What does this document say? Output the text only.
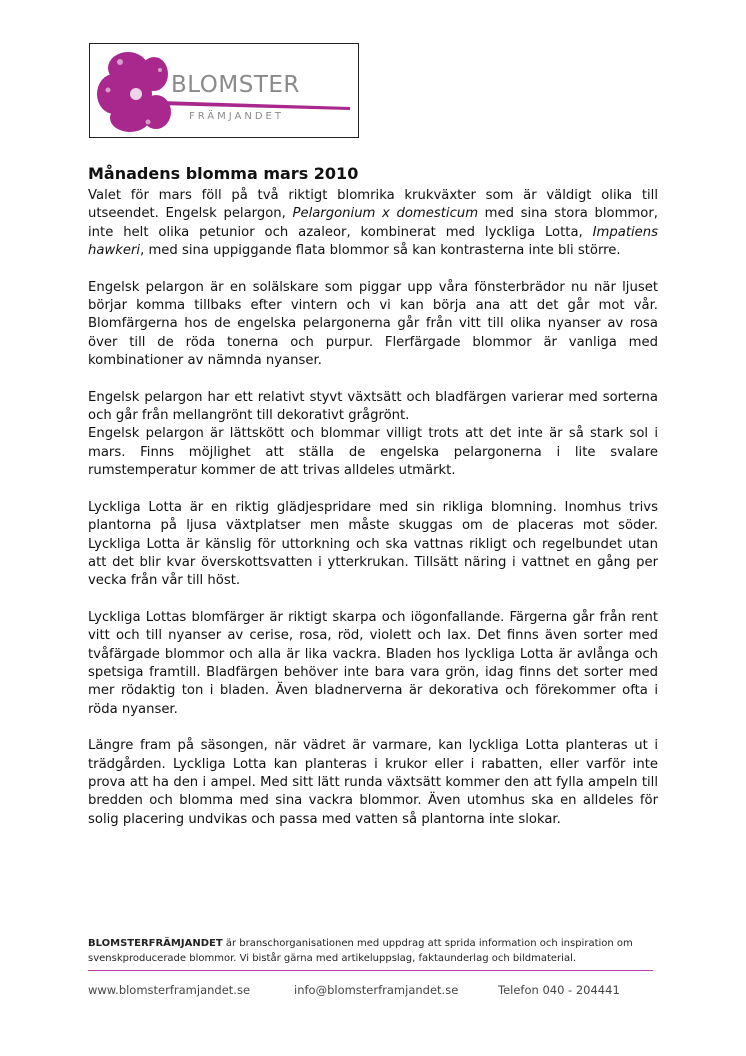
BLOMSTER
FRÄMJANDET
Månadens blomma mars 2010

Valet för mars föll på två riktigt blomrika krukväxter som är väldigt olika till utseendet. Engelsk pelargon, Pelargonium x domesticum med sina stora blommor, inte helt olika petunior och azaleor, kombinerat med lyckliga Lotta, Impatiens hawkeri, med sina uppiggande flata blommor så kan kontrasterna inte bli större.

Engelsk pelargon är en solälskare som piggar upp våra fönsterbrädor nu när ljuset börjar komma tillbaks efter vintern och vi kan börja ana att det går mot vår. Blomfärgerna hos de engelska pelargonerna går från vitt till olika nyanser av rosa över till de röda tonerna och purpur. Flerfärgade blommor är vanliga med kombinationer av nämnda nyanser.

Engelsk pelargon har ett relativt styvt växtsätt och bladfärgen varierar med sorterna och går från mellangrönt till dekorativt grågrönt.
Engelsk pelargon är lättskött och blommar villigt trots att det inte är så stark sol i mars. Finns möjlighet att ställa de engelska pelargonerna i lite svalare rumstemperatur kommer de att trivas alldeles utmärkt.

Lyckliga Lotta är en riktig glädjespridare med sin rikliga blomning. Inomhus trivs plantorna på ljusa växtplatser men måste skuggas om de placeras mot söder. Lyckliga Lotta är känslig för uttorkning och ska vattnas rikligt och regelbundet utan att det blir kvar överskottsvatten i ytterkrukan. Tillsätt näring i vattnet en gång per vecka från vår till höst.

Lyckliga Lottas blomfärger är riktigt skarpa och iögonfallande. Färgerna går från rent vitt och till nyanser av cerise, rosa, röd, violett och lax. Det finns även sorter med tvåfärgade blommor och alla är lika vackra. Bladen hos lyckliga Lotta är avlånga och spetsiga framtill. Bladfärgen behöver inte bara vara grön, idag finns det sorter med mer rödaktig ton i bladen. Även bladnerverna är dekorativa och förekommer ofta i röda nyanser.

Längre fram på säsongen, när vädret är varmare, kan lyckliga Lotta planteras ut i trädgården. Lyckliga Lotta kan planteras i krukor eller i rabatten, eller varför inte prova att ha den i ampel. Med sitt lätt runda växtsätt kommer den att fylla ampeln till bredden och blomma med sina vackra blommor. Även utomhus ska en alldeles för solig placering undvikas och passa med vatten så plantorna inte slokar.

BLOMSTERFRÄMJANDET är branschorganisationen med uppdrag att sprida information och inspiration om svenskproducerade blommor. Vi bistår gärna med artikeluppslag, faktaunderlag och bildmaterial.
www.blomsterframjandet.se	info@blomsterframjandet.se	Telefon 040 - 204441
